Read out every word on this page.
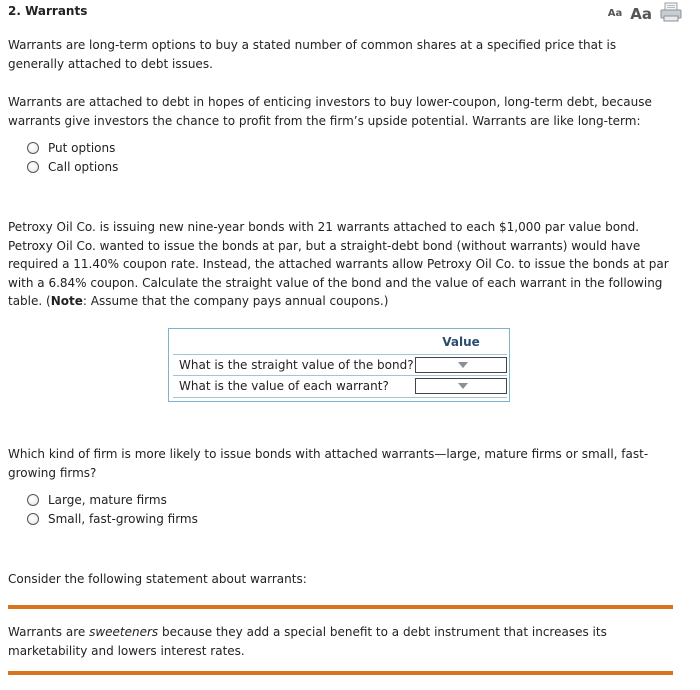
2. Warrants	Aa Aa
Warrants are long-term options to buy a stated number of common shares at a specified price that is generally attached to debt issues.
Warrants are attached to debt in hopes of enticing investors to buy lower-coupon, long-term debt, because warrants give investors the chance to profit from the firm’s upside potential. Warrants are like long-term:
Put options
Call options
Petroxy Oil Co. is issuing new nine-year bonds with 21 warrants attached to each $1,000 par value bond. Petroxy Oil Co. wanted to issue the bonds at par, but a straight-debt bond (without warrants) would have required a 11.40% coupon rate. Instead, the attached warrants allow Petroxy Oil Co. to issue the bonds at par with a 6.84% coupon. Calculate the straight value of the bond and the value of each warrant in the following table. (Note: Assume that the company pays annual coupons.)
Value
What is the straight value of the bond?
What is the value of each warrant?
Which kind of firm is more likely to issue bonds with attached warrants—large, mature firms or small, fast-growing firms?
Large, mature firms
Small, fast-growing firms
Consider the following statement about warrants:
Warrants are sweeteners because they add a special benefit to a debt instrument that increases its marketability and lowers interest rates.
